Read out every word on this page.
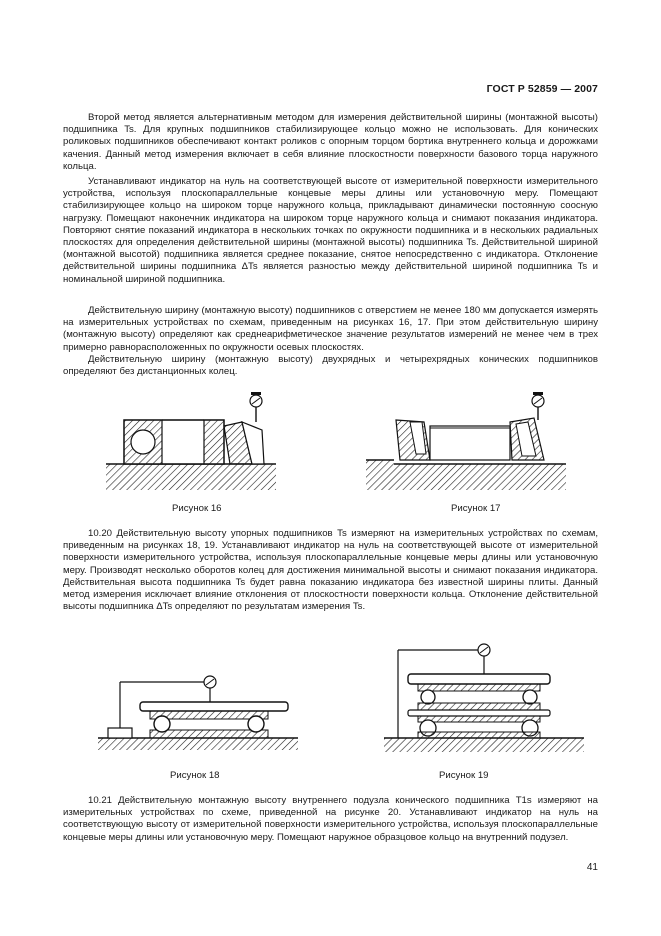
ГОСТ Р 52859 — 2007

Второй метод является альтернативным методом для измерения действительной ширины (монтажной высоты) подшипника Ts. Для крупных подшипников стабилизирующее кольцо можно не использовать. Для конических роликовых подшипников обеспечивают контакт роликов с опорным торцом бортика внутреннего кольца и дорожками качения. Данный метод измерения включает в себя влияние плоскостности поверхности базового торца наружного кольца.

Устанавливают индикатор на нуль на соответствующей высоте от измерительной поверхности измерительного устройства, используя плоскопараллельные концевые меры длины или установочную меру. Помещают стабилизирующее кольцо на широком торце наружного кольца, прикладывают динамически постоянную соосную нагрузку. Помещают наконечник индикатора на широком торце наружного кольца и снимают показания индикатора. Повторяют снятие показаний индикатора в нескольких точках по окружности подшипника и в нескольких радиальных плоскостях для определения действительной ширины (монтажной высоты) подшипника Ts. Действительной шириной (монтажной высотой) подшипника является среднее показание, снятое непосредственно с индикатора. Отклонение действительной ширины подшипника ΔTs является разностью между действительной шириной подшипника Ts и номинальной шириной подшипника.

Действительную ширину (монтажную высоту) подшипников с отверстием не менее 180 мм допускается измерять на измерительных устройствах по схемам, приведенным на рисунках 16, 17. При этом действительную ширину (монтажную высоту) определяют как среднеарифметическое значение результатов измерений не менее чем в трех примерно равнорасположенных по окружности осевых плоскостях.

Действительную ширину (монтажную высоту) двухрядных и четырехрядных конических подшипников определяют без дистанционных колец.

Рисунок 16	Рисунок 17

10.20 Действительную высоту упорных подшипников Ts измеряют на измерительных устройствах по схемам, приведенным на рисунках 18, 19. Устанавливают индикатор на нуль на соответствующей высоте от измерительной поверхности измерительного устройства, используя плоскопараллельные концевые меры длины или установочную меру. Производят несколько оборотов колец для достижения минимальной высоты и снимают показания индикатора. Действительная высота подшипника Ts будет равна показанию индикатора без известной ширины плиты. Данный метод измерения исключает влияние отклонения от плоскостности поверхности кольца. Отклонение действительной высоты подшипника ΔTs определяют по результатам измерения Ts.

Рисунок 18	Рисунок 19

10.21 Действительную монтажную высоту внутреннего подузла конического подшипника T1s измеряют на измерительных устройствах по схеме, приведенной на рисунке 20. Устанавливают индикатор на нуль на соответствующую высоту от измерительной поверхности измерительного устройства, используя плоскопараллельные концевые меры длины или установочную меру. Помещают наружное образцовое кольцо на внутренний подузел.

41
